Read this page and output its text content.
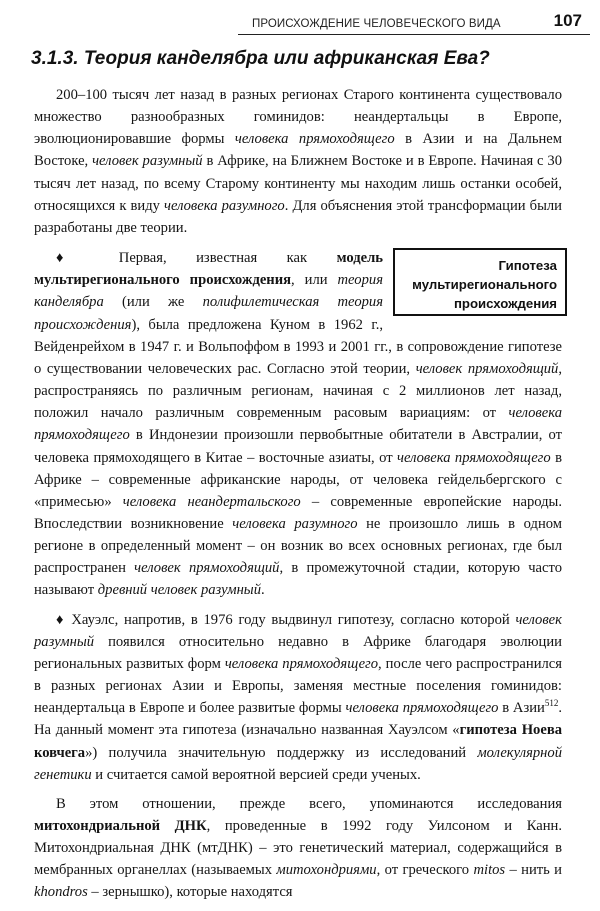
ПРОИСХОЖДЕНИЕ ЧЕЛОВЕЧЕСКОГО ВИДА	107
3.1.3. Теория канделябра или африканская Ева?

200–100 тысяч лет назад в разных регионах Старого континента существовало множество разнообразных гоминидов: неандертальцы в Европе, эволюционировавшие формы человека прямоходящего в Азии и на Дальнем Востоке, человек разумный в Африке, на Ближнем Востоке и в Европе. Начиная с 30 тысяч лет назад, по всему Старому континенту мы находим лишь останки особей, относящихся к виду человека разумного. Для объяснения этой трансформации были разработаны две теории.

Гипотеза
мультирегионального
происхождения

♦ Первая, известная как модель мультирегионального происхождения, или теория канделябра (или же полифилетическая теория происхождения), была предложена Куном в 1962 г., Вейденрейхом в 1947 г. и Вольпоффом в 1993 и 2001 гг., в сопровождение гипотезе о существовании человеческих рас. Согласно этой теории, человек прямоходящий, распространяясь по различным регионам, начиная с 2 миллионов лет назад, положил начало различным современным расовым вариациям: от человека прямоходящего в Индонезии произошли первобытные обитатели в Австралии, от человека прямоходящего в Китае – восточные азиаты, от человека прямоходящего в Африке – современные африканские народы, от человека гейдельбергского с «примесью» человека неандертальского – современные европейские народы. Впоследствии возникновение человека разумного не произошло лишь в одном регионе в определенный момент – он возник во всех основных регионах, где был распространен человек прямоходящий, в промежуточной стадии, которую часто называют древний человек разумный.

♦ Хауэлс, напротив, в 1976 году выдвинул гипотезу, согласно которой человек разумный появился относительно недавно в Африке благодаря эволюции региональных развитых форм человека прямоходящего, после чего распространился в разных регионах Азии и Европы, заменяя местные поселения гоминидов: неандертальца в Европе и более развитые формы человека прямоходящего в Азии$^{512}$. На данный момент эта гипотеза (изначально названная Хауэлсом «гипотеза Ноева ковчега») получила значительную поддержку из исследований молекулярной генетики и считается самой вероятной версией среди ученых.

В этом отношении, прежде всего, упоминаются исследования митохондриальной ДНК, проведенные в 1992 году Уилсоном и Канн. Митохондриальная ДНК (мтДНК) – это генетический материал, содержащийся в мембранных органеллах (называемых митохондриями, от греческого mitos – нить и khondros – зернышко), которые находятся
